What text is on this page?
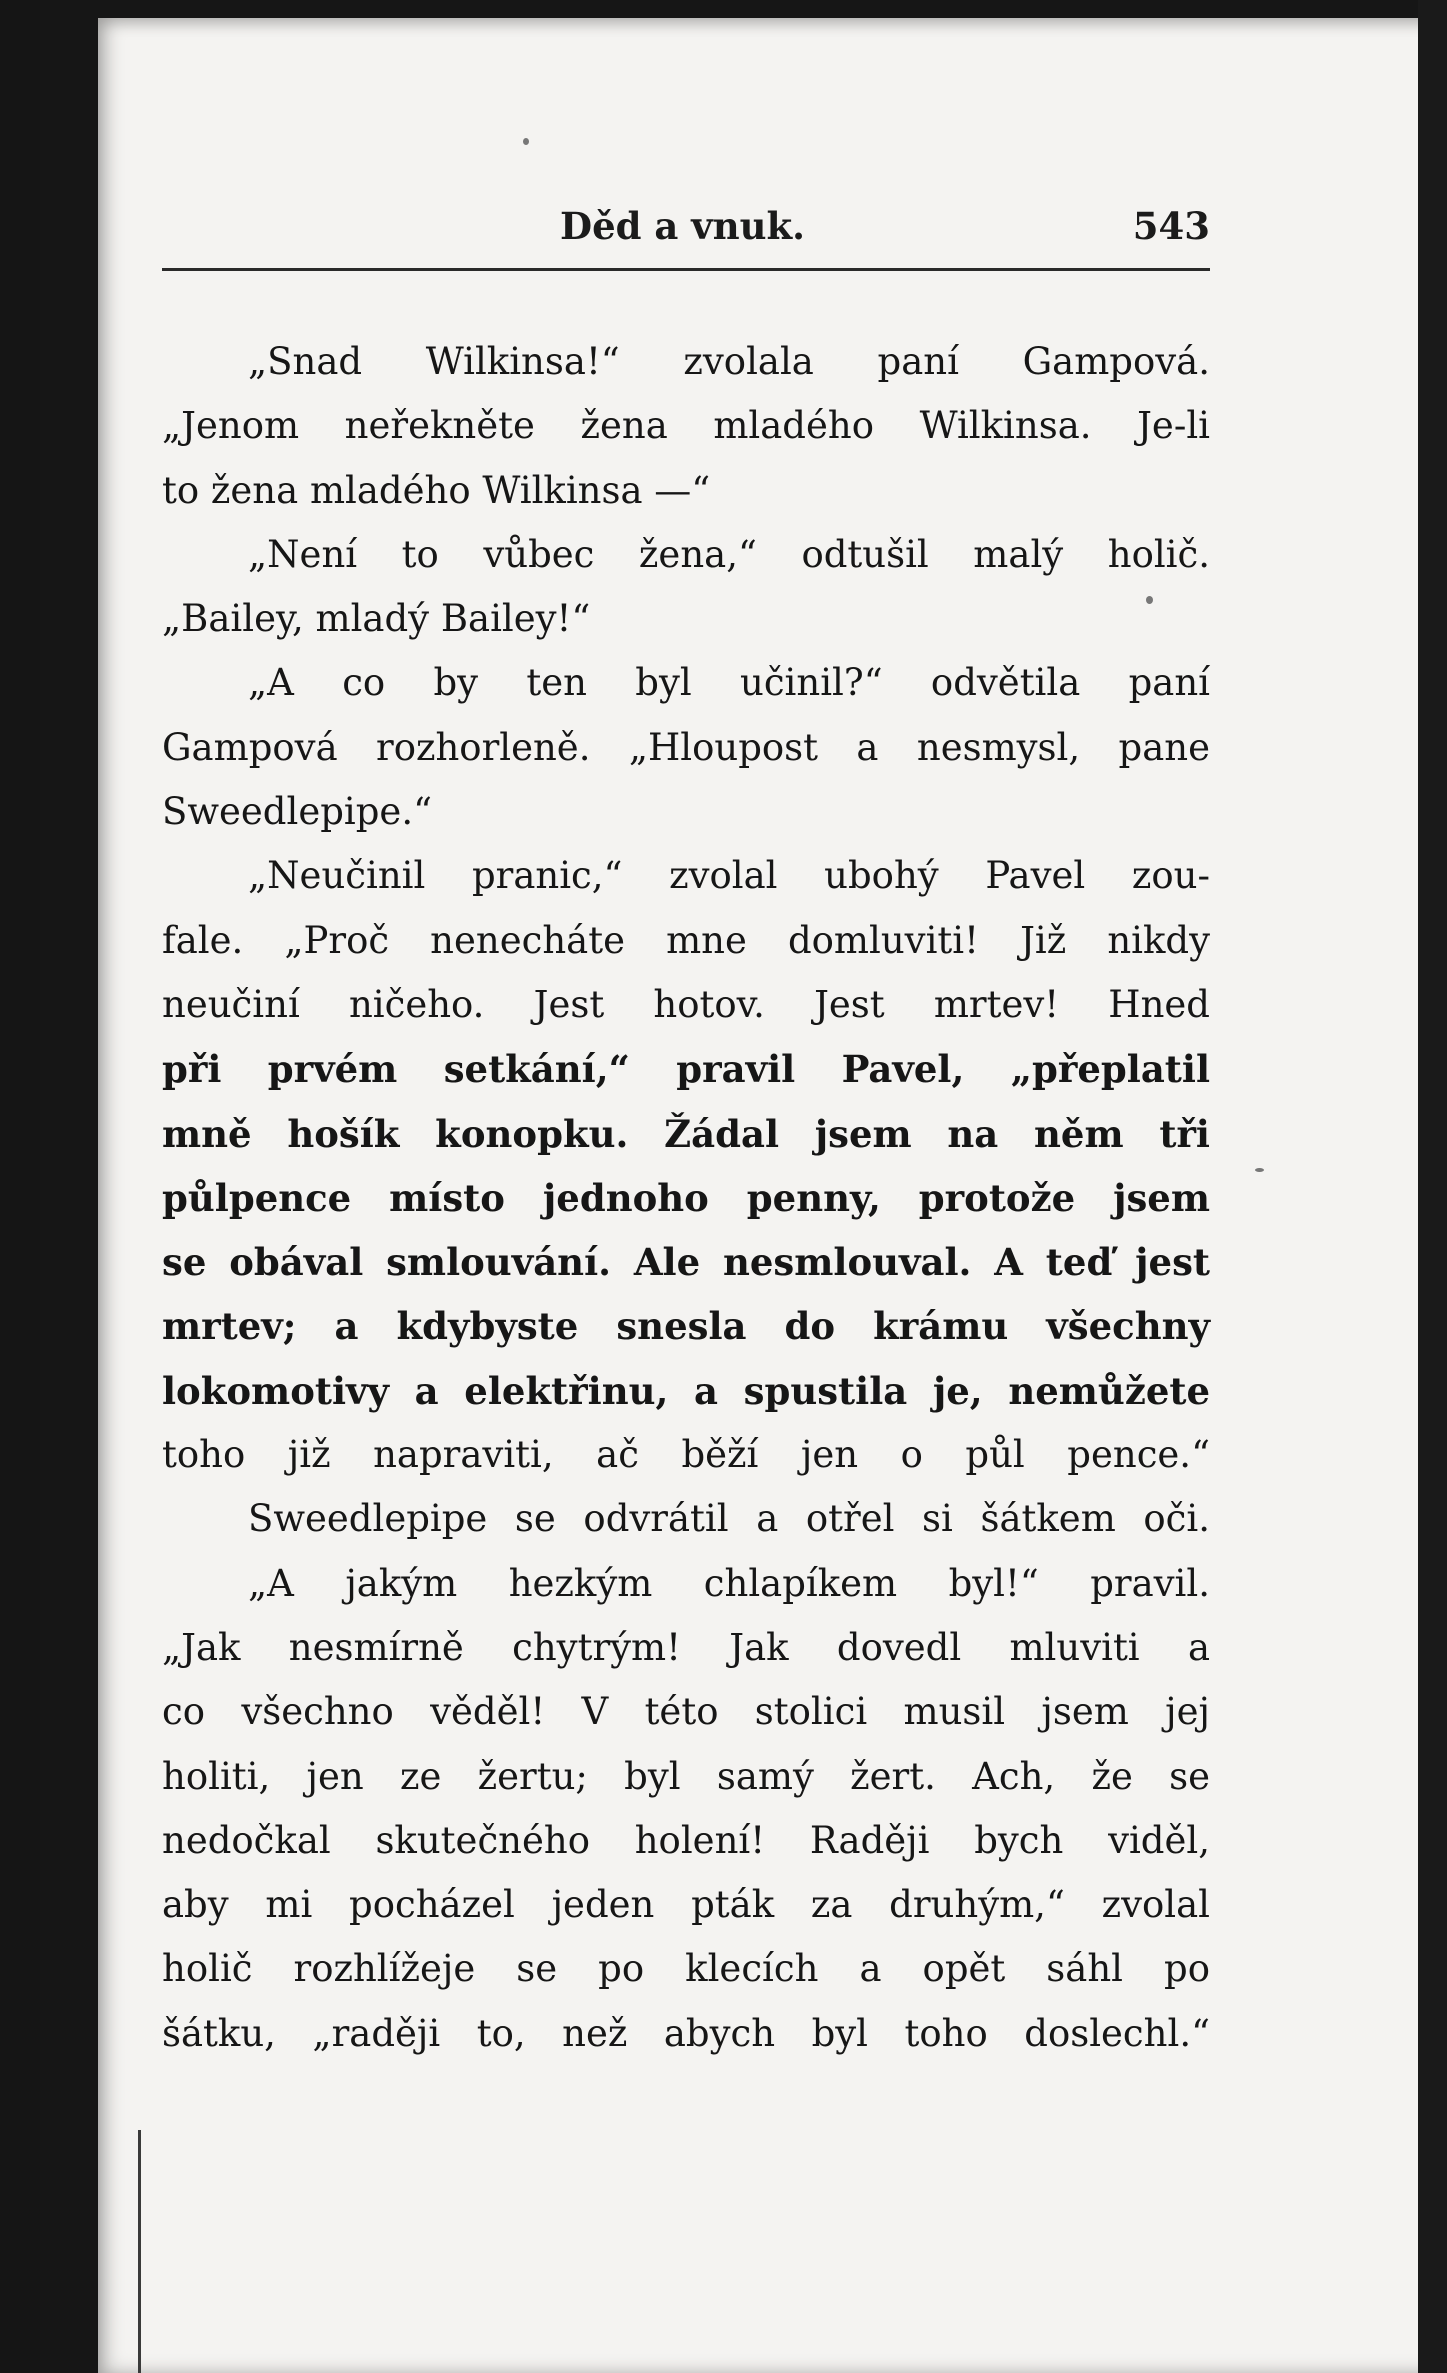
Děd a vnuk.	543
„Snad Wilkinsa!“ zvolala paní Gampová.
„Jenom neřekněte žena mladého Wilkinsa. Je-li
to žena mladého Wilkinsa —“
„Není to vůbec žena,“ odtušil malý holič.
„Bailey, mladý Bailey!“
„A co by ten byl učinil?“ odvětila paní
Gampová rozhorleně. „Hloupost a nesmysl, pane
Sweedlepipe.“
„Neučinil pranic,“ zvolal ubohý Pavel zou-
fale. „Proč nenecháte mne domluviti! Již nikdy
neučiní ničeho. Jest hotov. Jest mrtev! Hned
při prvém setkání,“ pravil Pavel, „přeplatil
mně hošík konopku. Žádal jsem na něm tři
půlpence místo jednoho penny, protože jsem
se obával smlouvání. Ale nesmlouval. A teď jest
mrtev; a kdybyste snesla do krámu všechny
lokomotivy a elektřinu, a spustila je, nemůžete
toho již napraviti, ač běží jen o půl pence.“
Sweedlepipe se odvrátil a otřel si šátkem oči.
„A jakým hezkým chlapíkem byl!“ pravil.
„Jak nesmírně chytrým! Jak dovedl mluviti a
co všechno věděl! V této stolici musil jsem jej
holiti, jen ze žertu; byl samý žert. Ach, že se
nedočkal skutečného holení! Raději bych viděl,
aby mi pocházel jeden pták za druhým,“ zvolal
holič rozhlížeje se po klecích a opět sáhl po
šátku, „raději to, než abych byl toho doslechl.“
